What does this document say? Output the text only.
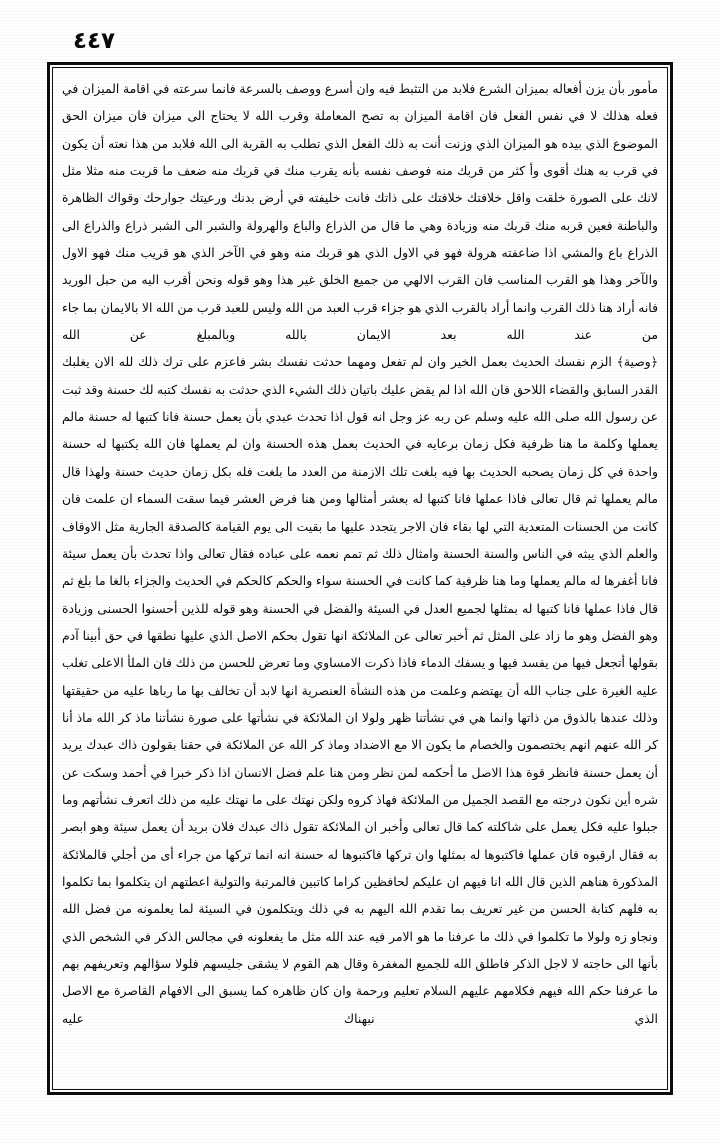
٤٤٧

مأمور بأن يزن أفعاله بميزان الشرع فلابد من التثبط فيه وان أسرع ووصف بالسرعة فانما سرعته في اقامة الميزان في فعله هذلك لا في نفس الفعل فان اقامة الميزان به تصح المعاملة وقرب الله لا يحتاج الى ميزان فان ميزان الحق الموضوع الذي بيده هو الميزان الذي وزنت أنت به ذلك الفعل الذي تطلب به القربة الى الله فلابد من هذا نعته أن يكون في قرب به هنك أقوى وأ كثر من قربك منه فوصف نفسه بأنه يقرب منك في قربك منه ضعف ما قربت منه مثلا مثل لانك على الصورة خلقت واقل خلافتك خلافتك على ذاتك فانت خليفته في أرض بدنك ورعيتك جوارحك وقواك الظاهرة والباطنة فعين قربه منك قربك منه وزيادة وهي ما قال من الذراع والباع والهرولة والشبر الى الشبر ذراع والذراع الى الذراع باع والمشي اذا ضاعفته هرولة فهو في الاول الذي هو قربك منه وهو في الآخر الذي هو قريب منك فهو الاول والآخر وهذا هو القرب المناسب فان القرب الالهي من جميع الخلق غير هذا وهو قوله ونحن أقرب اليه من حبل الوريد فانه أراد هنا ذلك القرب وانما أراد بالقرب الذي هو جزاء قرب العبد من الله وليس للعبد قرب من الله الا بالايمان بما جاء من عند الله بعد الايمان بالله وبالمبلغ عن الله

﴿وصية﴾ الزم نفسك الحديث بعمل الخير وان لم تفعل ومهما حدثت نفسك بشر فاعزم على ترك ذلك لله الان يغلبك القدر السابق والقضاء اللاحق فان الله اذا لم يقض عليك باتيان ذلك الشيء الذي حدثت به نفسك كتبه لك حسنة وقد ثبت عن رسول الله صلى الله عليه وسلم عن ربه عز وجل انه قول اذا تحدث عبدي بأن يعمل حسنة فانا كتبها له حسنة مالم يعملها وكلمة ما هنا ظرفية فكل زمان برعايه في الحديث بعمل هذه الحسنة وان لم يعملها فان الله يكتبها له حسنة واحدة في كل زمان يصحبه الحديث بها فيه بلغت تلك الازمنة من العدد ما بلغت فله بكل زمان حديث حسنة ولهذا قال مالم يعملها ثم قال تعالى فاذا عملها فانا كتبها له بعشر أمثالها ومن هنا فرض العشر فيما سقت السماء ان علمت فان كانت من الحسنات المتعدية التي لها بقاء فان الاجر يتجدد عليها ما بقيت الى يوم القيامة كالصدقة الجارية مثل الاوقاف والعلم الذي يبثه في الناس والسنة الحسنة وامثال ذلك ثم تمم نعمه على عباده فقال تعالى واذا تحدث بأن يعمل سيئة فانا أغفرها له مالم يعملها وما هنا ظرفية كما كانت في الحسنة سواء والحكم كالحكم في الحديث والجزاء بالغا ما بلغ ثم قال فاذا عملها فانا كتبها له بمثلها لجميع العدل في السيئة والفضل في الحسنة وهو قوله للذين أحسنوا الحسنى وزيادة وهو الفضل وهو ما زاد على المثل ثم أخبر تعالى عن الملائكة انها تقول بحكم الاصل الذي عليها نطقها في حق أبينا آدم بقولها أتجعل فيها من يفسد فيها و يسفك الدماء فاذا ذكرت الامساوي وما تعرض للحسن من ذلك فان الملأ الاعلى تغلب عليه الغيرة على جناب الله أن يهتضم وعلمت من هذه النشأة العنصرية انها لابد أن تخالف بها ما رباها عليه من حقيقتها وذلك عندها بالذوق من ذاتها وانما هي في نشأتنا ظهر ولولا ان الملائكة في نشأتها على صورة نشأتنا ماذ كر الله ماذ أنا كر الله عنهم انهم يختصمون والخصام ما يكون الا مع الاضداد وماذ كر الله عن الملائكة في حقنا بقولون ذاك عبدك يريد أن يعمل حسنة فانظر قوة هذا الاصل ما أحكمه لمن نظر ومن هنا علم فضل الانسان اذا ذكر خبرا في أحمد وسكت عن شره أين نكون درجته مع القصد الجميل من الملائكة فهاذ كروه ولكن نهتك على ما نهتك عليه من ذلك اتعرف نشأتهم وما جبلوا عليه فكل يعمل على شاكلته كما قال تعالى وأخبر ان الملائكة تقول ذاك عبدك فلان بريد أن يعمل سيئة وهو ابصر به فقال ارقبوه فان عملها فاكتبوها له بمثلها وان تركها فاكتبوها له حسنة انه انما تركها من جراء أى من أجلي فالملائكة المذكورة هناهم الذين قال الله انا فيهم ان عليكم لحافظين كراما كاتبين فالمرتبة والتولية اعطتهم ان يتكلموا بما تكلموا به فلهم كتابة الحسن من غير تعريف بما تقدم الله اليهم به في ذلك ويتكلمون في السيئة لما يعلمونه من فضل الله ونجاو زه ولولا ما تكلموا في ذلك ما عرفنا ما هو الامر فيه عند الله مثل ما يفعلونه في مجالس الذكر في الشخص الذي بأنها الى حاجته لا لاجل الذكر فاطلق الله للجميع المغفرة وقال هم القوم لا يشقى جليسهم فلولا سؤالهم وتعريفهم بهم ما عرفنا حكم الله فيهم فكلامهم عليهم السلام تعليم ورحمة وان كان ظاهره كما يسبق الى الافهام القاصرة مع الاصل الذي نبهناك عليه
